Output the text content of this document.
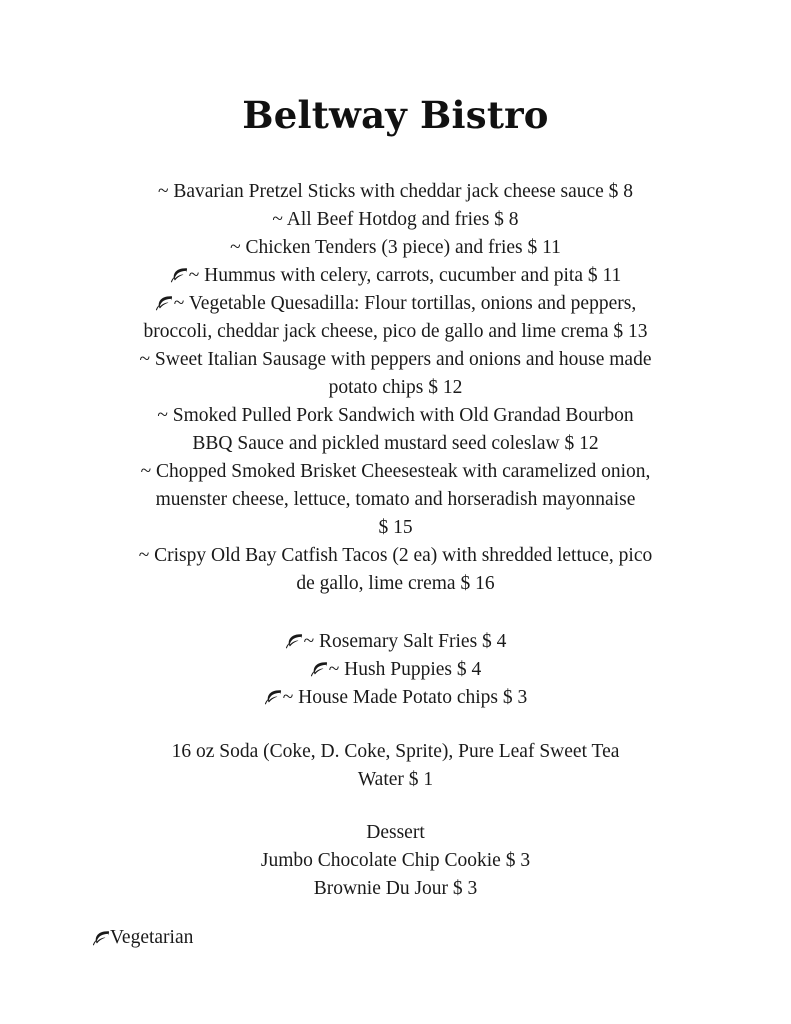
Beltway Bistro

~ Bavarian Pretzel Sticks with cheddar jack cheese sauce $ 8

~ All Beef Hotdog and fries $ 8

~ Chicken Tenders (3 piece) and fries $ 11

~ Hummus with celery, carrots, cucumber and pita $ 11

~ Vegetable Quesadilla: Flour tortillas, onions and peppers,
broccoli, cheddar jack cheese, pico de gallo and lime crema $ 13

~ Sweet Italian Sausage with peppers and onions and house made
potato chips $ 12

~ Smoked Pulled Pork Sandwich with Old Grandad Bourbon
BBQ Sauce and pickled mustard seed coleslaw $ 12

~ Chopped Smoked Brisket Cheesesteak with caramelized onion,
muenster cheese, lettuce, tomato and horseradish mayonnaise
$ 15

~ Crispy Old Bay Catfish Tacos (2 ea) with shredded lettuce, pico
de gallo, lime crema $ 16

~ Rosemary Salt Fries $ 4

~ Hush Puppies $ 4

~ House Made Potato chips $ 3

16 oz Soda (Coke, D. Coke, Sprite), Pure Leaf Sweet Tea
Water $ 1

Dessert
Jumbo Chocolate Chip Cookie $ 3
Brownie Du Jour $ 3

Vegetarian
